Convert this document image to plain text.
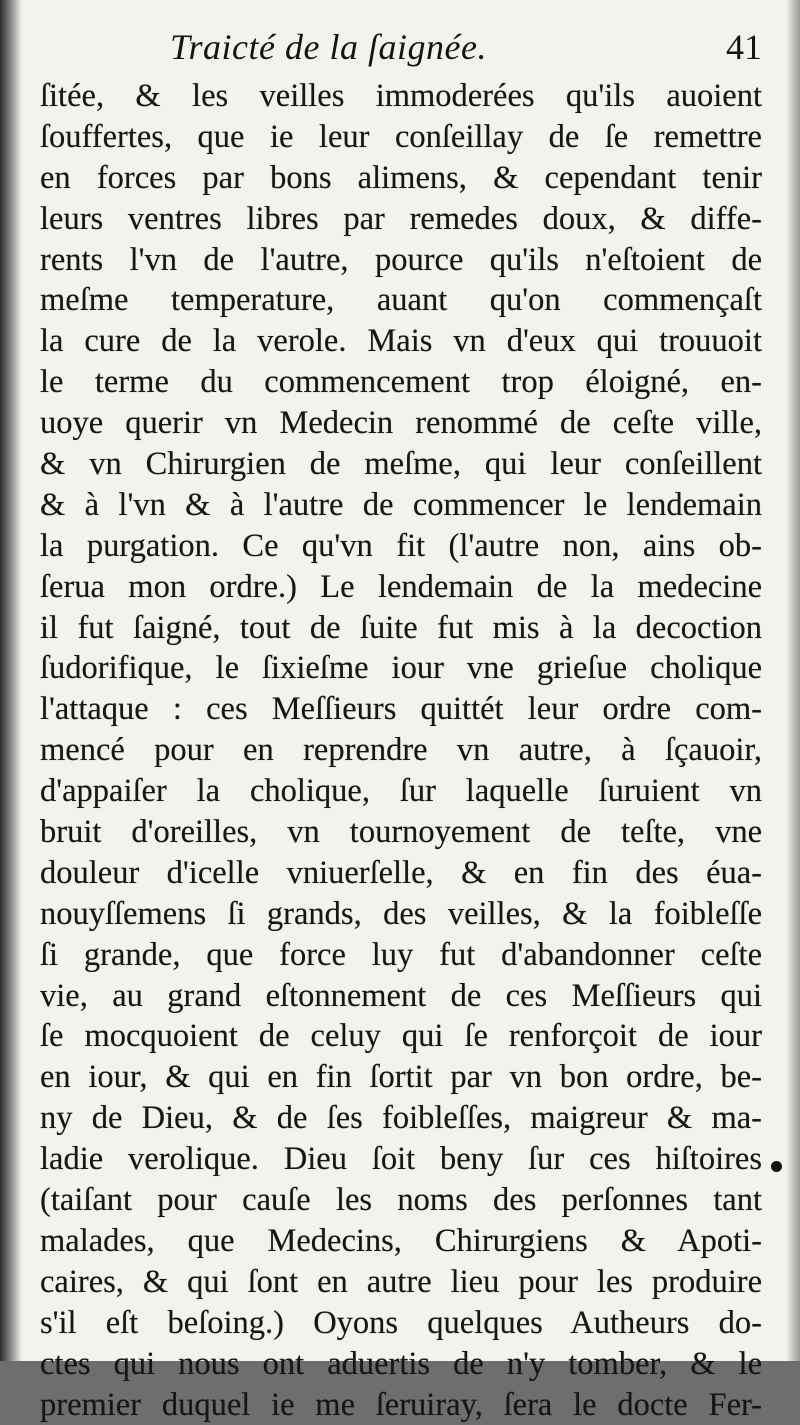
Traicté de la ſaignée.	41
ſitée, & les veilles immoderées qu'ils auoient
ſouffertes, que ie leur conſeillay de ſe remettre
en forces par bons alimens, & cependant tenir
leurs ventres libres par remedes doux, & diffe-
rents l'vn de l'autre, pource qu'ils n'eſtoient de
meſme temperature, auant qu'on commençaſt
la cure de la verole. Mais vn d'eux qui trouuoit
le terme du commencement trop éloigné, en-
uoye querir vn Medecin renommé de ceſte ville,
& vn Chirurgien de meſme, qui leur conſeillent
& à l'vn & à l'autre de commencer le lendemain
la purgation. Ce qu'vn fit (l'autre non, ains ob-
ſerua mon ordre.) Le lendemain de la medecine
il fut ſaigné, tout de ſuite fut mis à la decoction
ſudorifique, le ſixieſme iour vne grieſue cholique
l'attaque : ces Meſſieurs quittét leur ordre com-
mencé pour en reprendre vn autre, à ſçauoir,
d'appaiſer la cholique, ſur laquelle ſuruient vn
bruit d'oreilles, vn tournoyement de teſte, vne
douleur d'icelle vniuerſelle, & en fin des éua-
nouyſſemens ſi grands, des veilles, & la foibleſſe
ſi grande, que force luy fut d'abandonner ceſte
vie, au grand eſtonnement de ces Meſſieurs qui
ſe mocquoient de celuy qui ſe renforçoit de iour
en iour, & qui en fin ſortit par vn bon ordre, be-
ny de Dieu, & de ſes foibleſſes, maigreur & ma-
ladie verolique. Dieu ſoit beny ſur ces hiſtoires
(taiſant pour cauſe les noms des perſonnes tant
malades, que Medecins, Chirurgiens & Apoti-
caires, & qui ſont en autre lieu pour les produire
s'il eſt beſoing.) Oyons quelques Autheurs do-
ctes qui nous ont aduertis de n'y tomber, & le
premier duquel ie me ſeruiray, ſera le docte Fer-
